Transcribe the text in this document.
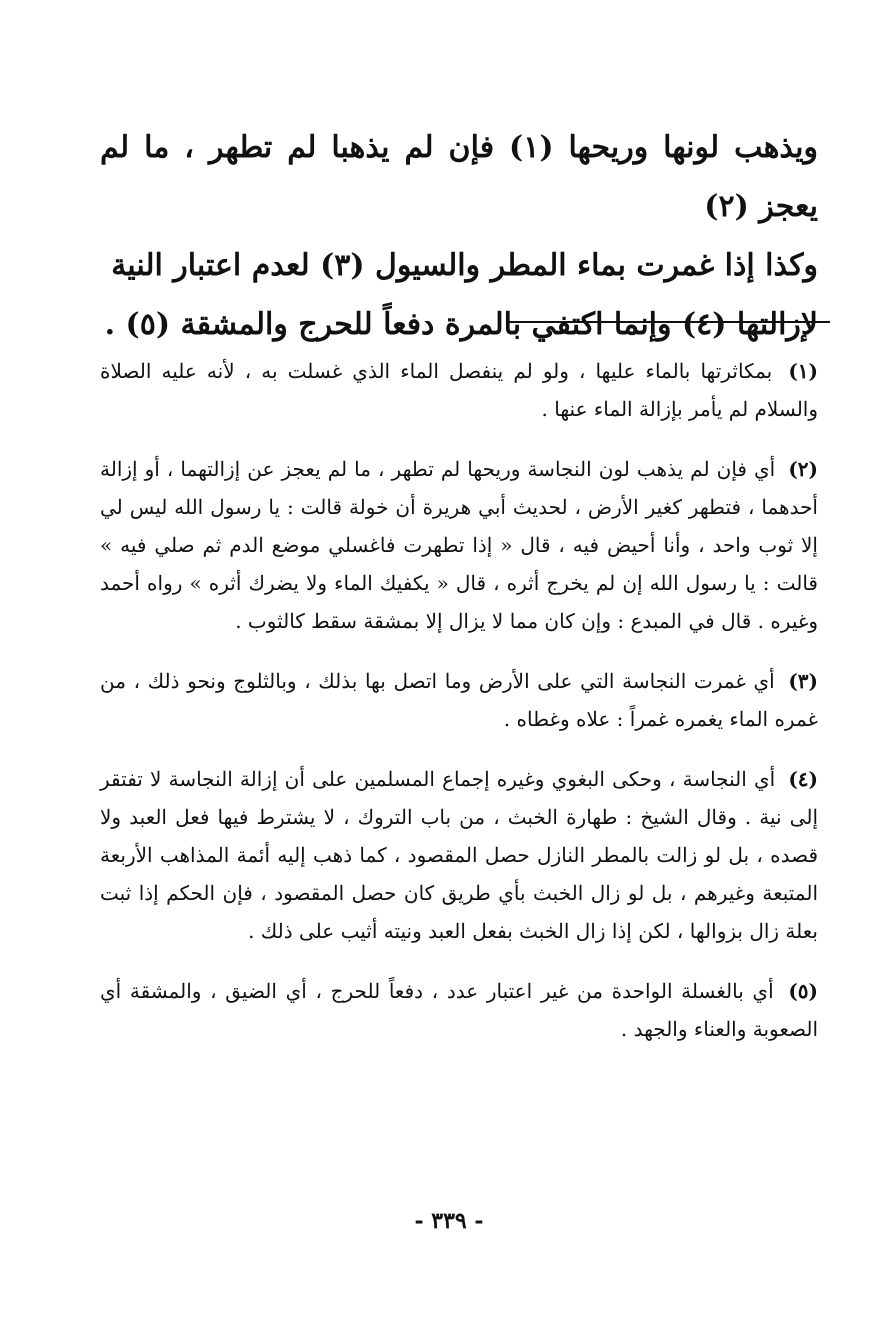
ويذهب لونها وريحها (١) فإن لم يذهبا لم تطهر ، ما لم يعجز (٢)

وكذا إذا غمرت بماء المطر والسيول (٣) لعدم اعتبار النية

لإزالتها (٤) وإنما اكتفي بالمرة دفعاً للحرج والمشقة (٥) .

(١) بمكاثرتها بالماء عليها ، ولو لم ينفصل الماء الذي غسلت به ، لأنه عليه الصلاة والسلام لم يأمر بإزالة الماء عنها .

(٢) أي فإن لم يذهب لون النجاسة وريحها لم تطهر ، ما لم يعجز عن إزالتهما ، أو إزالة أحدهما ، فتطهر كغير الأرض ، لحديث أبي هريرة أن خولة قالت : يا رسول الله ليس لي إلا ثوب واحد ، وأنا أحيض فيه ، قال « إذا تطهرت فاغسلي موضع الدم ثم صلي فيه » قالت : يا رسول الله إن لم يخرج أثره ، قال « يكفيك الماء ولا يضرك أثره » رواه أحمد وغيره . قال في المبدع : وإن كان مما لا يزال إلا بمشقة سقط كالثوب .

(٣) أي غمرت النجاسة التي على الأرض وما اتصل بها بذلك ، وبالثلوج ونحو ذلك ، من غمره الماء يغمره غمراً : علاه وغطاه .

(٤) أي النجاسة ، وحكى البغوي وغيره إجماع المسلمين على أن إزالة النجاسة لا تفتقر إلى نية . وقال الشيخ : طهارة الخبث ، من باب التروك ، لا يشترط فيها فعل العبد ولا قصده ، بل لو زالت بالمطر النازل حصل المقصود ، كما ذهب إليه أئمة المذاهب الأربعة المتبعة وغيرهم ، بل لو زال الخبث بأي طريق كان حصل المقصود ، فإن الحكم إذا ثبت بعلة زال بزوالها ، لكن إذا زال الخبث بفعل العبد ونيته أثيب على ذلك .

(٥) أي بالغسلة الواحدة من غير اعتبار عدد ، دفعاً للحرج ، أي الضيق ، والمشقة أي الصعوبة والعناء والجهد .

- ٣٣٩ -
